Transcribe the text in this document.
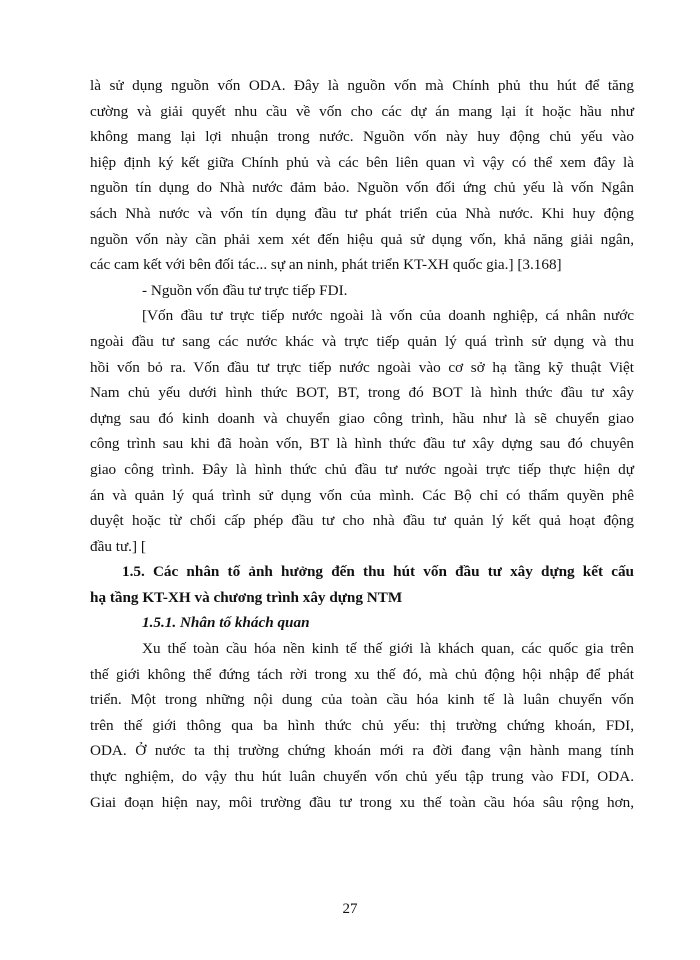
là sử dụng nguồn vốn ODA. Đây là nguồn vốn mà Chính phủ thu hút để tăng
cường và giải quyết nhu cầu về vốn cho các dự án mang lại ít hoặc hầu như
không mang lại lợi nhuận trong nước. Nguồn vốn này huy động chủ yếu vào
hiệp định ký kết giữa Chính phủ và các bên liên quan vì vậy có thể xem đây là
nguồn tín dụng do Nhà nước đảm bảo. Nguồn vốn đối ứng chủ yếu là vốn Ngân
sách Nhà nước và vốn tín dụng đầu tư phát triển của Nhà nước. Khi huy động
nguồn vốn này cần phải xem xét đến hiệu quả sử dụng vốn, khả năng giải ngân,
các cam kết với bên đối tác... sự an ninh, phát triển KT-XH quốc gia.] [3.168]
- Nguồn vốn đầu tư trực tiếp FDI.
[Vốn đầu tư trực tiếp nước ngoài là vốn của doanh nghiệp, cá nhân nước
ngoài đầu tư sang các nước khác và trực tiếp quản lý quá trình sử dụng và thu
hồi vốn bỏ ra. Vốn đầu tư trực tiếp nước ngoài vào cơ sở hạ tầng kỹ thuật Việt
Nam chủ yếu dưới hình thức BOT, BT, trong đó BOT là hình thức đầu tư xây
dựng sau đó kinh doanh và chuyển giao công trình, hầu như là sẽ chuyển giao
công trình sau khi đã hoàn vốn, BT là hình thức đầu tư xây dựng sau đó chuyên
giao công trình. Đây là hình thức chủ đầu tư nước ngoài trực tiếp thực hiện dự
án và quản lý quá trình sử dụng vốn của mình. Các Bộ chỉ có thẩm quyền phê
duyệt hoặc từ chối cấp phép đầu tư cho nhà đầu tư quản lý kết quả hoạt động
đầu tư.] [
1.5. Các nhân tố ảnh hưởng đến thu hút vốn đầu tư xây dựng kết cấu
hạ tầng KT-XH và chương trình xây dựng NTM
1.5.1. Nhân tố khách quan
Xu thế toàn cầu hóa nền kinh tế thế giới là khách quan, các quốc gia trên
thế giới không thể đứng tách rời trong xu thế đó, mà chủ động hội nhập để phát
triển. Một trong những nội dung của toàn cầu hóa kinh tế là luân chuyển vốn
trên thế giới thông qua ba hình thức chủ yếu: thị trường chứng khoán, FDI,
ODA. Ở nước ta thị trường chứng khoán mới ra đời đang vận hành mang tính
thực nghiệm, do vậy thu hút luân chuyển vốn chủ yếu tập trung vào FDI, ODA.
Giai đoạn hiện nay, môi trường đầu tư trong xu thế toàn cầu hóa sâu rộng hơn,
27
